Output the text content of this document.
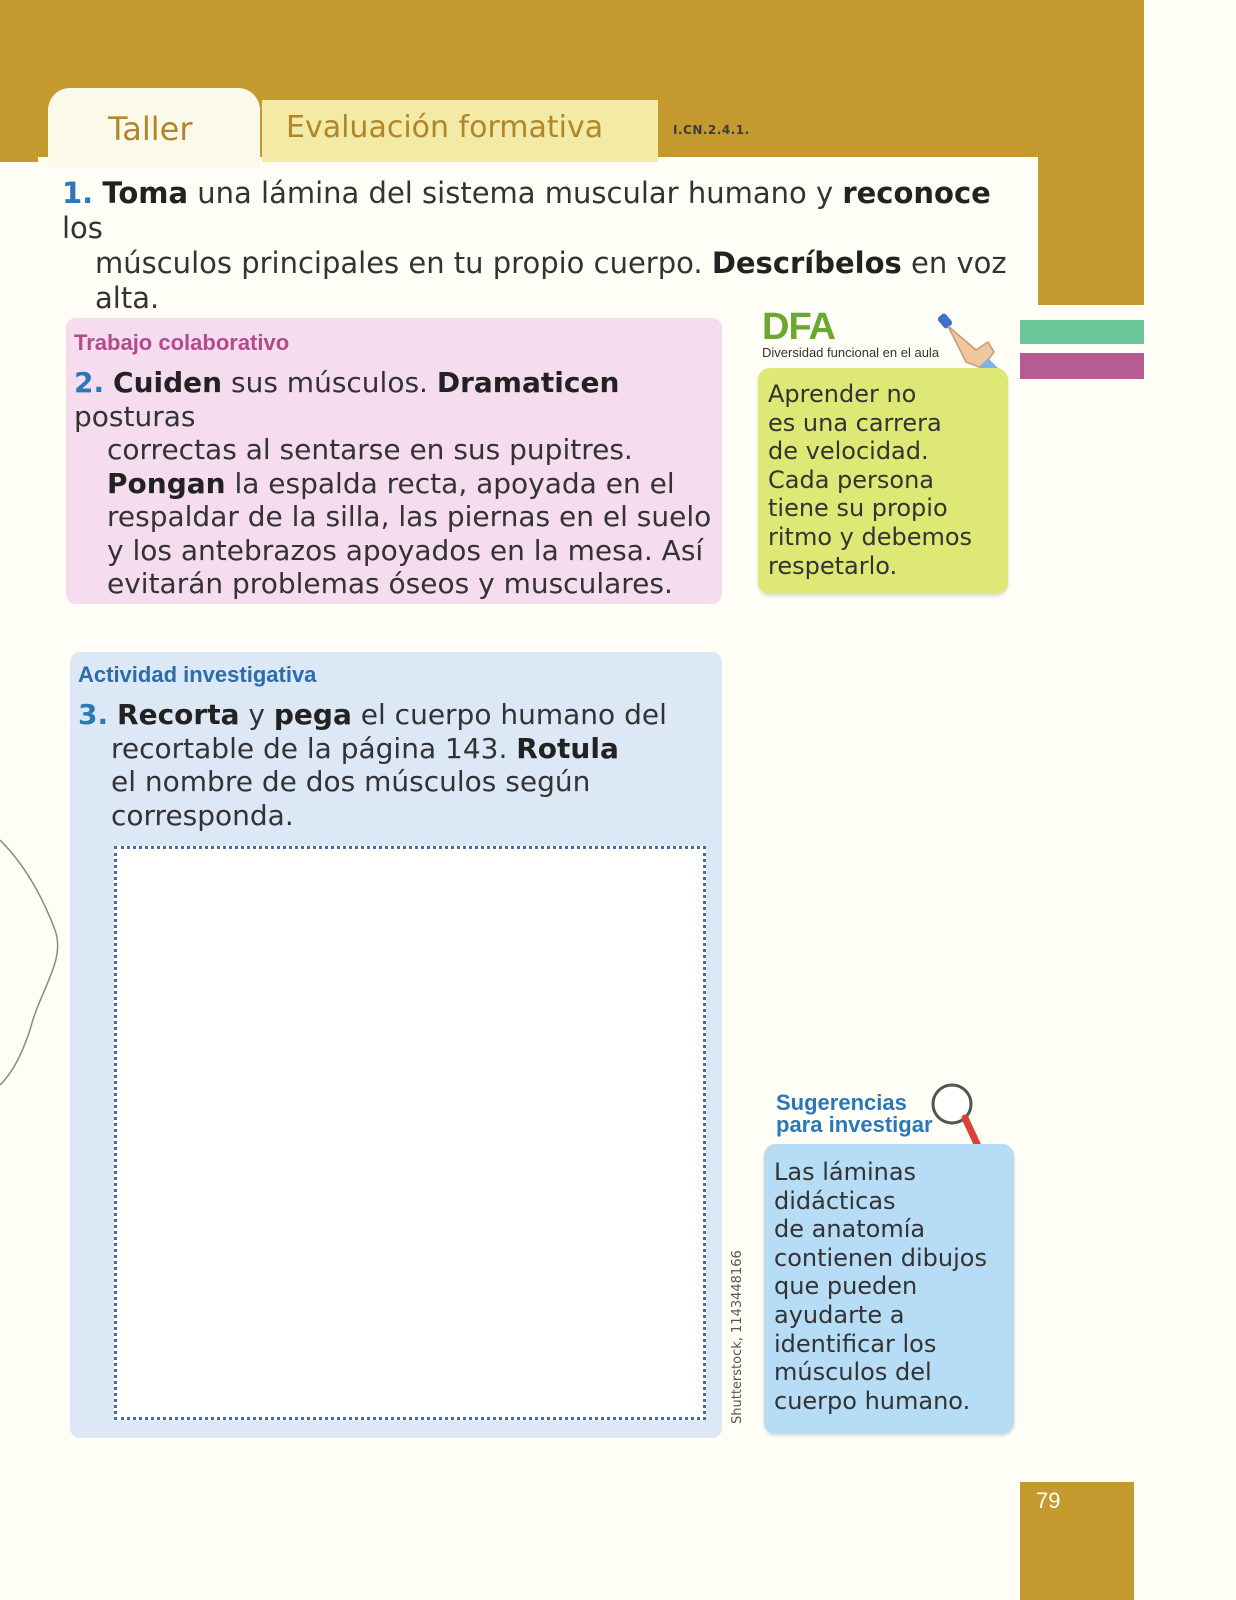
Taller	Evaluación formativa	I.CN.2.4.1.
1. Toma una lámina del sistema muscular humano y reconoce los
músculos principales en tu propio cuerpo. Descríbelos en voz alta.
Trabajo colaborativo
2. Cuiden sus músculos. Dramaticen posturas
correctas al sentarse en sus pupitres.
Pongan la espalda recta, apoyada en el
respaldar de la silla, las piernas en el suelo
y los antebrazos apoyados en la mesa. Así
evitarán problemas óseos y musculares.
DFA
Diversidad funcional en el aula
Aprender no
es una carrera
de velocidad.
Cada persona
tiene su propio
ritmo y debemos
respetarlo.
Actividad investigativa
3. Recorta y pega el cuerpo humano del
recortable de la página 143. Rotula
el nombre de dos músculos según
corresponda.
Shutterstock, 1143448166
Sugerencias
para investigar
Las láminas
didácticas
de anatomía
contienen dibujos
que pueden
ayudarte a
identificar los
músculos del
cuerpo humano.
79
